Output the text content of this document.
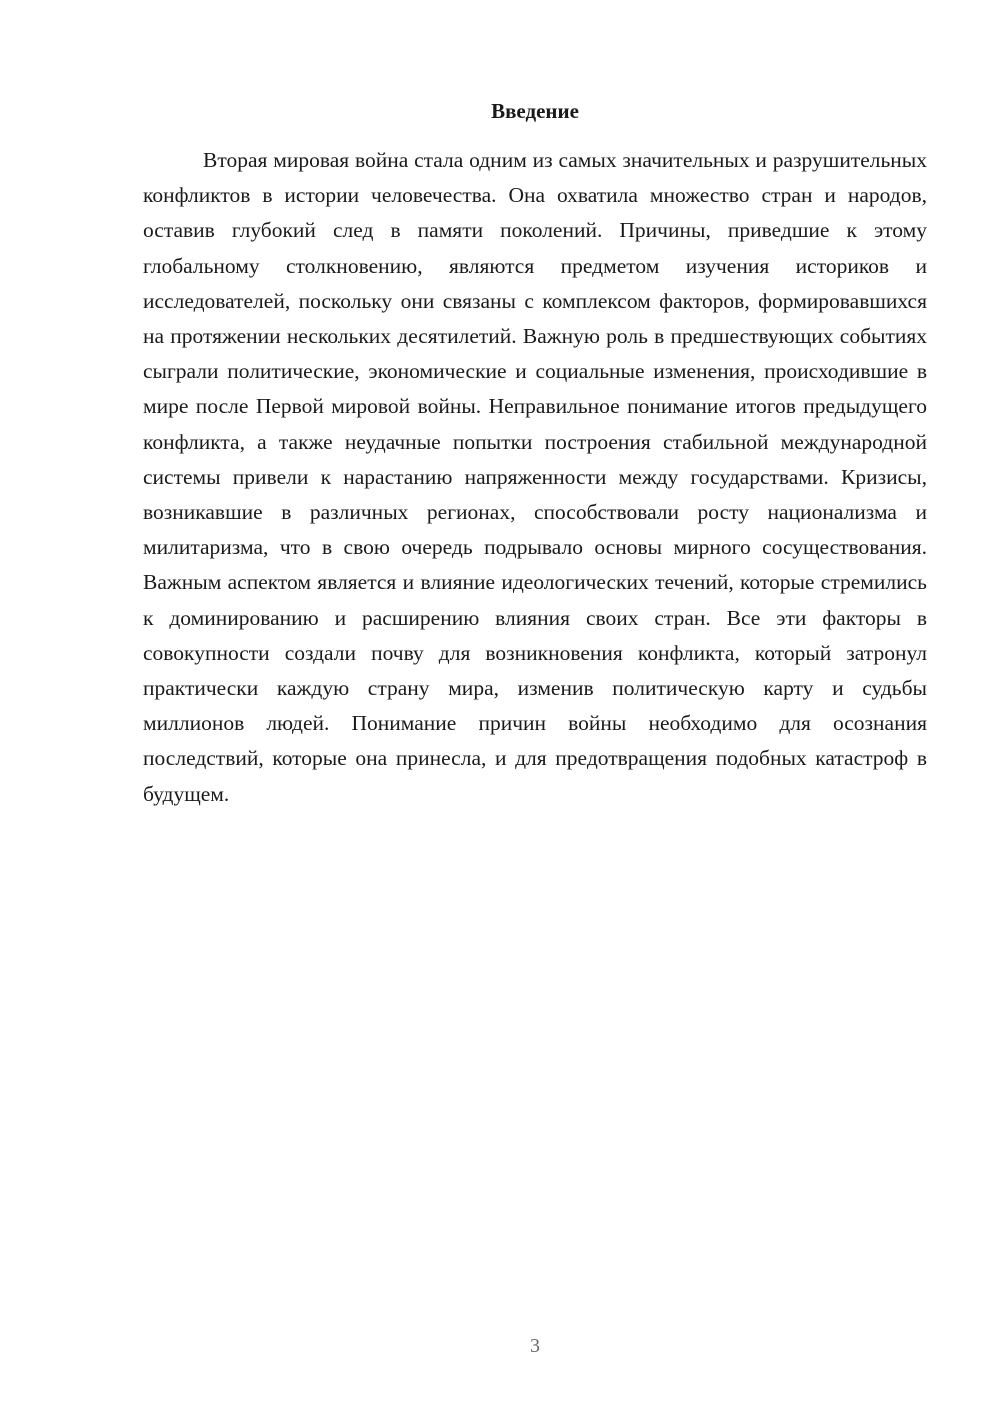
Введение

Вторая мировая война стала одним из самых значительных и разрушительных конфликтов в истории человечества. Она охватила множество стран и народов, оставив глубокий след в памяти поколений. Причины, приведшие к этому глобальному столкновению, являются предметом изучения историков и исследователей, поскольку они связаны с комплексом факторов, формировавшихся на протяжении нескольких десятилетий. Важную роль в предшествующих событиях сыграли политические, экономические и социальные изменения, происходившие в мире после Первой мировой войны. Неправильное понимание итогов предыдущего конфликта, а также неудачные попытки построения стабильной международной системы привели к нарастанию напряженности между государствами. Кризисы, возникавшие в различных регионах, способствовали росту национализма и милитаризма, что в свою очередь подрывало основы мирного сосуществования. Важным аспектом является и влияние идеологических течений, которые стремились к доминированию и расширению влияния своих стран. Все эти факторы в совокупности создали почву для возникновения конфликта, который затронул практически каждую страну мира, изменив политическую карту и судьбы миллионов людей. Понимание причин войны необходимо для осознания последствий, которые она принесла, и для предотвращения подобных катастроф в будущем.

3
